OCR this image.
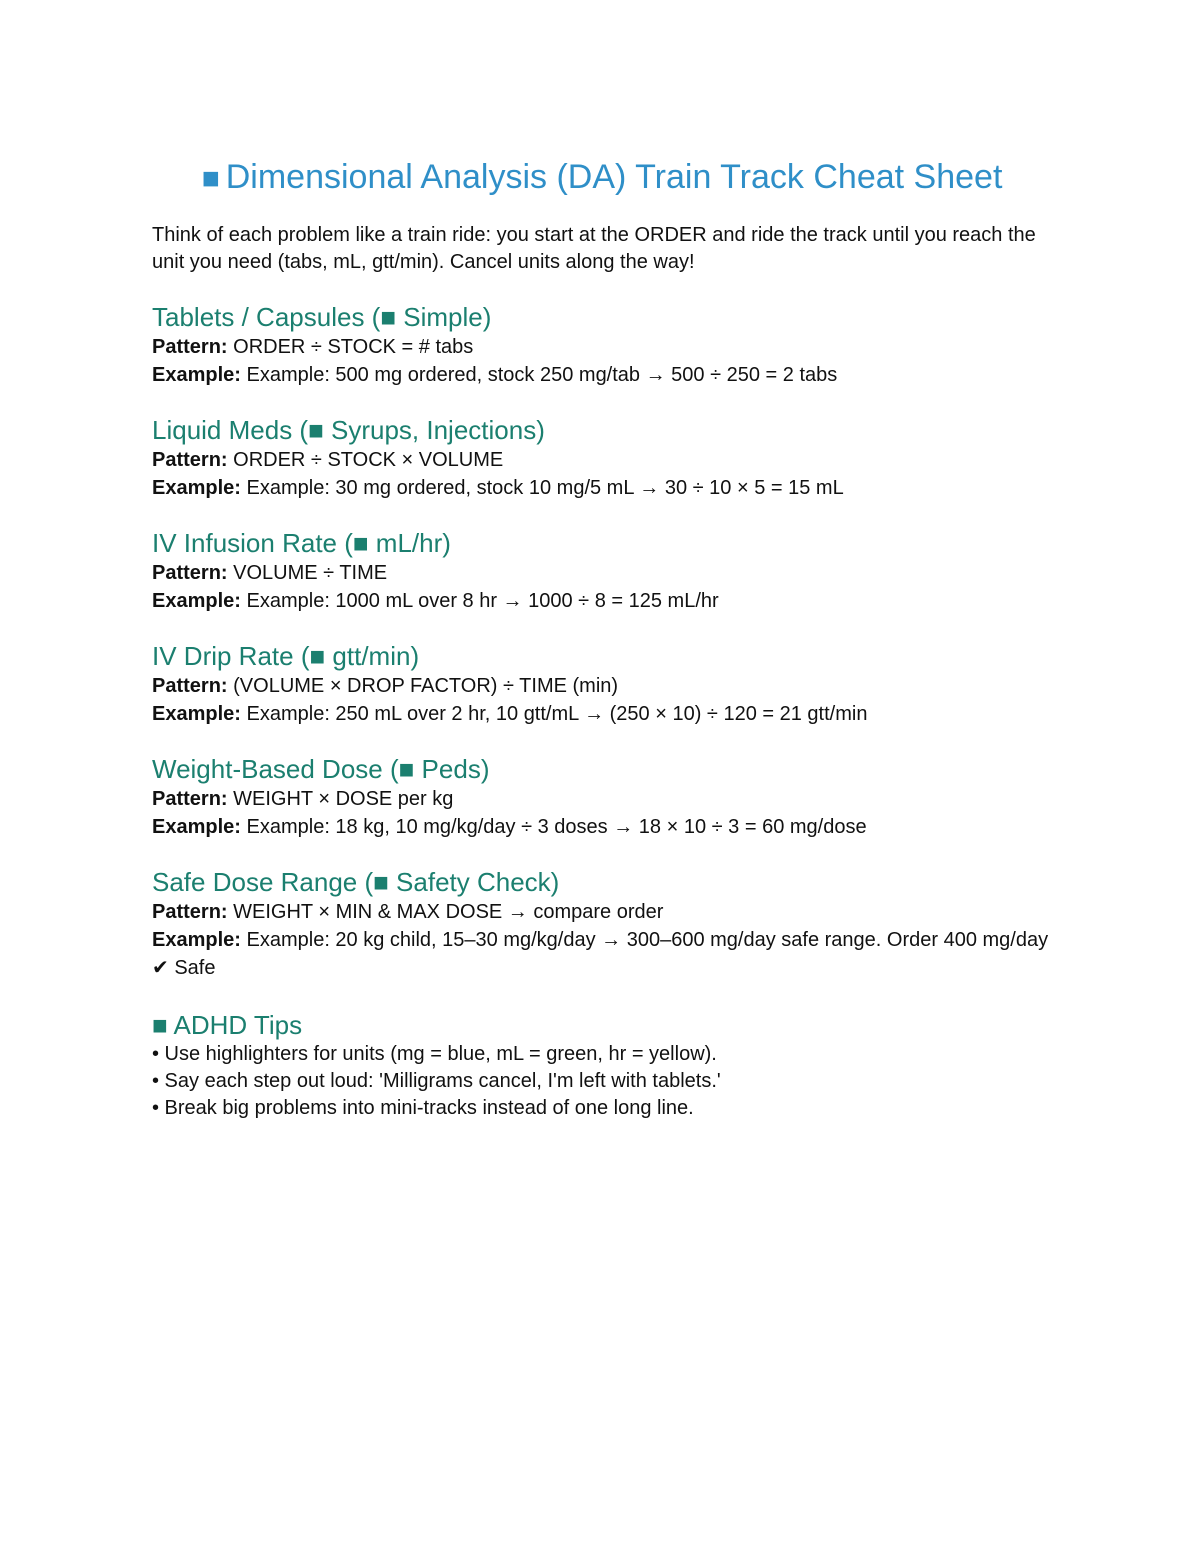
■ Dimensional Analysis (DA) Train Track Cheat Sheet

Think of each problem like a train ride: you start at the ORDER and ride the track until you reach the unit you need (tabs, mL, gtt/min). Cancel units along the way!

Tablets / Capsules (■ Simple)

Pattern: ORDER ÷ STOCK = # tabs

Example: Example: 500 mg ordered, stock 250 mg/tab → 500 ÷ 250 = 2 tabs

Liquid Meds (■ Syrups, Injections)

Pattern: ORDER ÷ STOCK × VOLUME

Example: Example: 30 mg ordered, stock 10 mg/5 mL → 30 ÷ 10 × 5 = 15 mL

IV Infusion Rate (■ mL/hr)

Pattern: VOLUME ÷ TIME

Example: Example: 1000 mL over 8 hr → 1000 ÷ 8 = 125 mL/hr

IV Drip Rate (■ gtt/min)

Pattern: (VOLUME × DROP FACTOR) ÷ TIME (min)

Example: Example: 250 mL over 2 hr, 10 gtt/mL → (250 × 10) ÷ 120 = 21 gtt/min

Weight-Based Dose (■ Peds)

Pattern: WEIGHT × DOSE per kg

Example: Example: 18 kg, 10 mg/kg/day ÷ 3 doses → 18 × 10 ÷ 3 = 60 mg/dose

Safe Dose Range (■ Safety Check)

Pattern: WEIGHT × MIN & MAX DOSE → compare order

Example: Example: 20 kg child, 15–30 mg/kg/day → 300–600 mg/day safe range. Order 400 mg/day ✔ Safe

■ ADHD Tips

• Use highlighters for units (mg = blue, mL = green, hr = yellow).

• Say each step out loud: 'Milligrams cancel, I'm left with tablets.'

• Break big problems into mini-tracks instead of one long line.
